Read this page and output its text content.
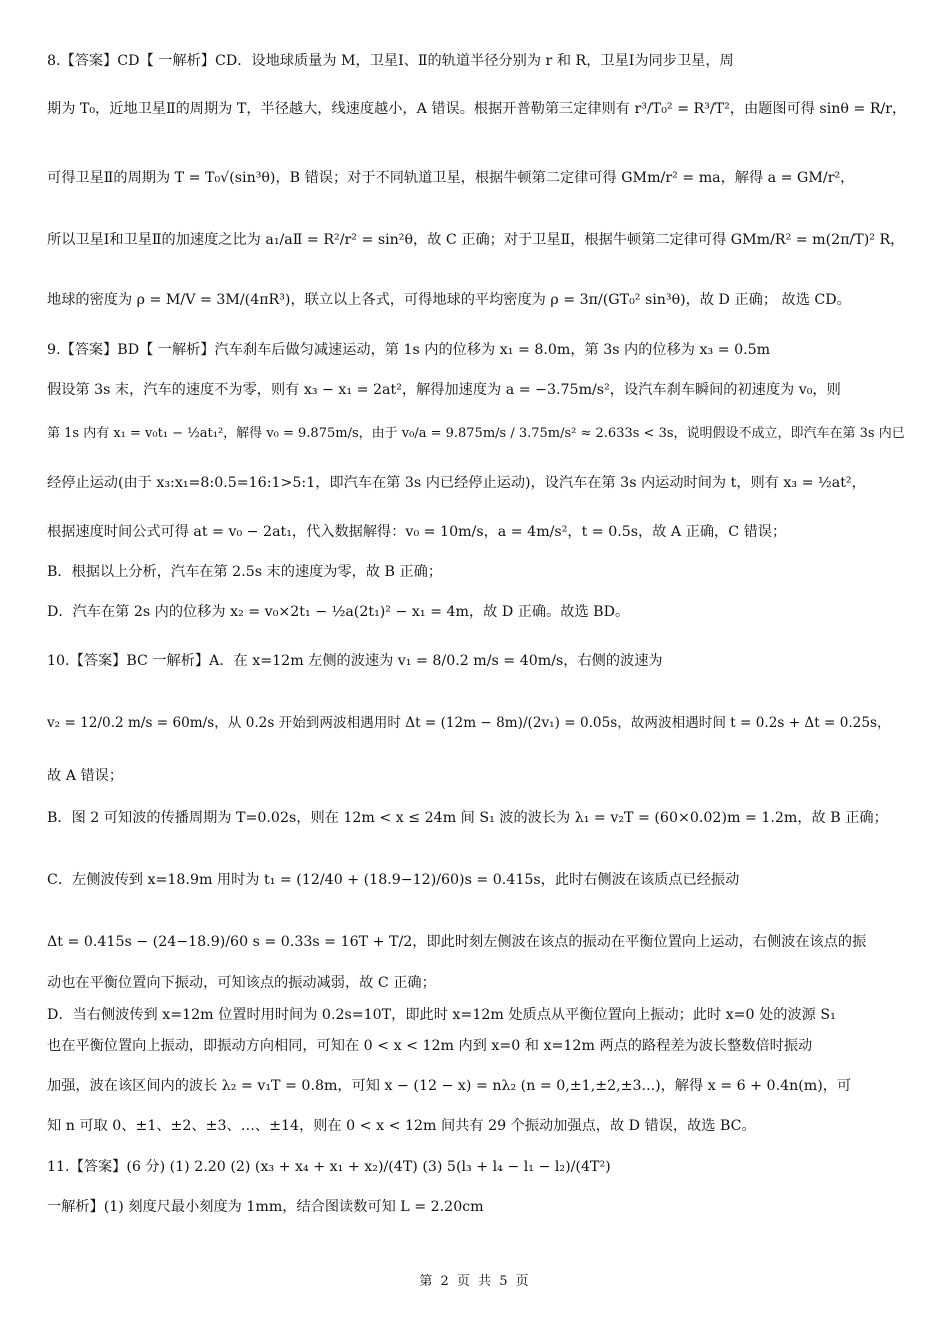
8.【答案】CD【 一解析】CD．设地球质量为 M，卫星Ⅰ、Ⅱ的轨道半径分别为 r 和 R，卫星Ⅰ为同步卫星，周
期为 T₀，近地卫星Ⅱ的周期为 T，半径越大，线速度越小，A 错误。根据开普勒第三定律则有 r³/T₀² = R³/T²，由题图可得 sinθ = R/r，
可得卫星Ⅱ的周期为 T = T₀√(sin³θ)，B 错误；对于不同轨道卫星，根据牛顿第二定律可得 GMm/r² = ma，解得 a = GM/r²，
所以卫星Ⅰ和卫星Ⅱ的加速度之比为 a₁/aⅡ = R²/r² = sin²θ，故 C 正确；对于卫星Ⅱ，根据牛顿第二定律可得 GMm/R² = m(2π/T)² R，
地球的密度为 ρ = M/V = 3M/(4πR³)，联立以上各式，可得地球的平均密度为 ρ = 3π/(GT₀² sin³θ)，故 D 正确； 故选 CD。
9.【答案】BD【 一解析】汽车刹车后做匀减速运动，第 1s 内的位移为 x₁ = 8.0m，第 3s 内的位移为 x₃ = 0.5m
假设第 3s 末，汽车的速度不为零，则有 x₃ − x₁ = 2at²，解得加速度为 a = −3.75m/s²，设汽车刹车瞬间的初速度为 v₀，则
第 1s 内有 x₁ = v₀t₁ − ½at₁²，解得 v₀ = 9.875m/s，由于 v₀/a = 9.875m/s / 3.75m/s² ≈ 2.633s < 3s，说明假设不成立，即汽车在第 3s 内已
经停止运动(由于 x₃:x₁=8:0.5=16:1>5:1，即汽车在第 3s 内已经停止运动)，设汽车在第 3s 内运动时间为 t，则有 x₃ = ½at²，
根据速度时间公式可得 at = v₀ − 2at₁，代入数据解得：v₀ = 10m/s，a = 4m/s²，t = 0.5s，故 A 正确，C 错误；
B．根据以上分析，汽车在第 2.5s 末的速度为零，故 B 正确；
D．汽车在第 2s 内的位移为 x₂ = v₀×2t₁ − ½a(2t₁)² − x₁ = 4m，故 D 正确。故选 BD。
10.【答案】BC 一解析】A．在 x=12m 左侧的波速为 v₁ = 8/0.2 m/s = 40m/s，右侧的波速为
v₂ = 12/0.2 m/s = 60m/s，从 0.2s 开始到两波相遇用时 Δt = (12m − 8m)/(2v₁) = 0.05s，故两波相遇时间 t = 0.2s + Δt = 0.25s，
故 A 错误；
B．图 2 可知波的传播周期为 T=0.02s，则在 12m < x ≤ 24m 间 S₁ 波的波长为 λ₁ = v₂T = (60×0.02)m = 1.2m，故 B 正确；
C．左侧波传到 x=18.9m 用时为 t₁ = (12/40 + (18.9−12)/60)s = 0.415s，此时右侧波在该质点已经振动
Δt = 0.415s − (24−18.9)/60 s = 0.33s = 16T + T/2，即此时刻左侧波在该点的振动在平衡位置向上运动，右侧波在该点的振
动也在平衡位置向下振动，可知该点的振动减弱，故 C 正确；
D．当右侧波传到 x=12m 位置时用时间为 0.2s=10T，即此时 x=12m 处质点从平衡位置向上振动；此时 x=0 处的波源 S₁
也在平衡位置向上振动，即振动方向相同，可知在 0 < x < 12m 内到 x=0 和 x=12m 两点的路程差为波长整数倍时振动
加强，波在该区间内的波长 λ₂ = v₁T = 0.8m，可知 x − (12 − x) = nλ₂ (n = 0,±1,±2,±3...)，解得 x = 6 + 0.4n(m)，可
知 n 可取 0、±1、±2、±3、…、±14，则在 0 < x < 12m 间共有 29 个振动加强点，故 D 错误，故选 BC。
11.【答案】(6 分) (1) 2.20 (2) (x₃ + x₄ + x₁ + x₂)/(4T) (3) 5(l₃ + l₄ − l₁ − l₂)/(4T²)
一解析】(1) 刻度尺最小刻度为 1mm，结合图读数可知 L = 2.20cm
第 2 页 共 5 页
